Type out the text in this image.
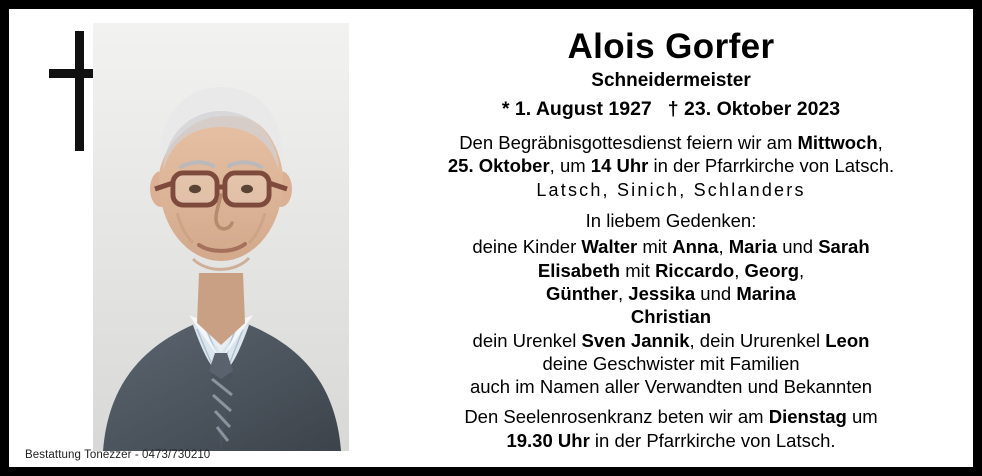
Bestattung Tonezzer - 0473/730210
Alois Gorfer
Schneidermeister
* 1. August 1927 † 23. Oktober 2023
Den Begräbnisgottesdienst feiern wir am Mittwoch,
25. Oktober, um 14 Uhr in der Pfarrkirche von Latsch.
Latsch, Sinich, Schlanders
In liebem Gedenken:
deine Kinder Walter mit Anna, Maria und Sarah
Elisabeth mit Riccardo, Georg,
Günther, Jessika und Marina
Christian
dein Urenkel Sven Jannik, dein Ururenkel Leon
deine Geschwister mit Familien
auch im Namen aller Verwandten und Bekannten
Den Seelenrosenkranz beten wir am Dienstag um
19.30 Uhr in der Pfarrkirche von Latsch.
